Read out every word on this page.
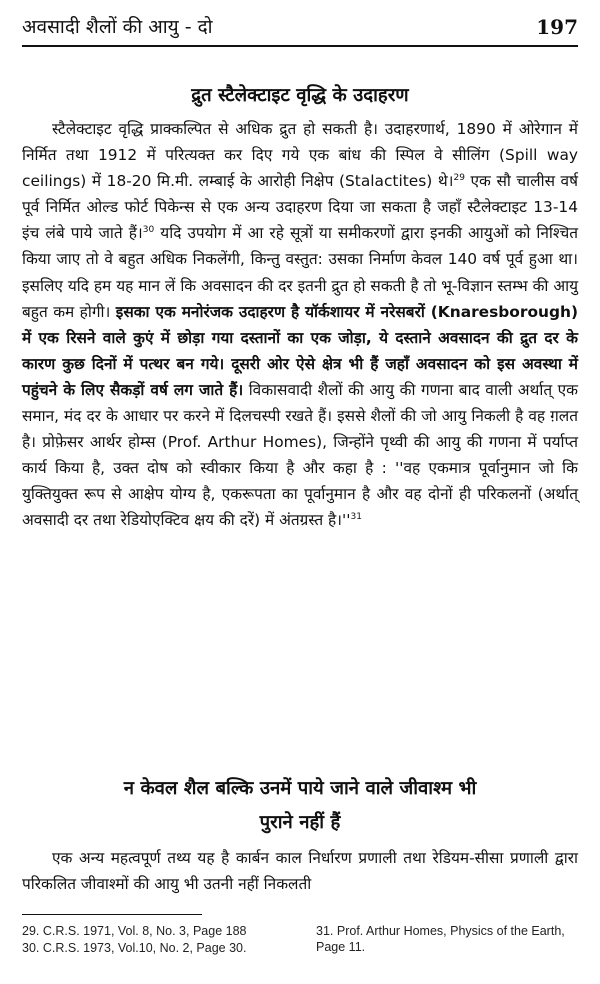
अवसादी शैलों की आयु - दो	197
द्रुत स्टैलेक्टाइट वृद्धि के उदाहरण

स्टैलेक्टाइट वृद्धि प्राक्कल्पित से अधिक द्रुत हो सकती है। उदाहरणार्थ, 1890 में ओरेगान में निर्मित तथा 1912 में परित्यक्त कर दिए गये एक बांध की स्पिल वे सीलिंग (Spill way ceilings) में 18-20 मि.मी. लम्बाई के आरोही निक्षेप (Stalactites) थे।$^{29}$ एक सौ चालीस वर्ष पूर्व निर्मित ओल्ड फोर्ट पिकेन्स से एक अन्य उदाहरण दिया जा सकता है जहाँ स्टैलेक्टाइट 13-14 इंच लंबे पाये जाते हैं।$^{30}$ यदि उपयोग में आ रहे सूत्रों या समीकरणों द्वारा इनकी आयुओं को निश्चित किया जाए तो वे बहुत अधिक निकलेंगी, किन्तु वस्तुत: उसका निर्माण केवल 140 वर्ष पूर्व हुआ था। इसलिए यदि हम यह मान लें कि अवसादन की दर इतनी द्रुत हो सकती है तो भू-विज्ञान स्तम्भ की आयु बहुत कम होगी। इसका एक मनोरंजक उदाहरण है यॉर्कशायर में नरेसबरों (Knaresborough) में एक रिसने वाले कुएं में छोड़ा गया दस्तानों का एक जोड़ा, ये दस्ताने अवसादन की द्रुत दर के कारण कुछ दिनों में पत्थर बन गये। दूसरी ओर ऐसे क्षेत्र भी हैं जहाँ अवसादन को इस अवस्था में पहुंचने के लिए सैकड़ों वर्ष लग जाते हैं। विकासवादी शैलों की आयु की गणना बाद वाली अर्थात् एक समान, मंद दर के आधार पर करने में दिलचस्पी रखते हैं। इससे शैलों की जो आयु निकली है वह ग़लत है। प्रोफ़ेसर आर्थर होम्स (Prof. Arthur Homes), जिन्होंने पृथ्वी की आयु की गणना में पर्याप्त कार्य किया है, उक्त दोष को स्वीकार किया है और कहा है : ''वह एकमात्र पूर्वानुमान जो कि युक्तियुक्त रूप से आक्षेप योग्य है, एकरूपता का पूर्वानुमान है और वह दोनों ही परिकलनों (अर्थात् अवसादी दर तथा रेडियोएक्टिव क्षय की दरें) में अंतग्रस्त $है।''^{31}$

न केवल शैल बल्कि उनमें पाये जाने वाले जीवाश्म भी
पुराने नहीं हैं

एक अन्य महत्वपूर्ण तथ्य यह है कार्बन काल निर्धारण प्रणाली तथा रेडियम-सीसा प्रणाली द्वारा परिकलित जीवाश्मों की आयु भी उतनी नहीं निकलती

29. C.R.S. 1971, Vol. 8, No. 3, Page 188
30. C.R.S. 1973, Vol.10, No. 2, Page 30.
31. Prof. Arthur Homes, Physics of the Earth, Page 11.
